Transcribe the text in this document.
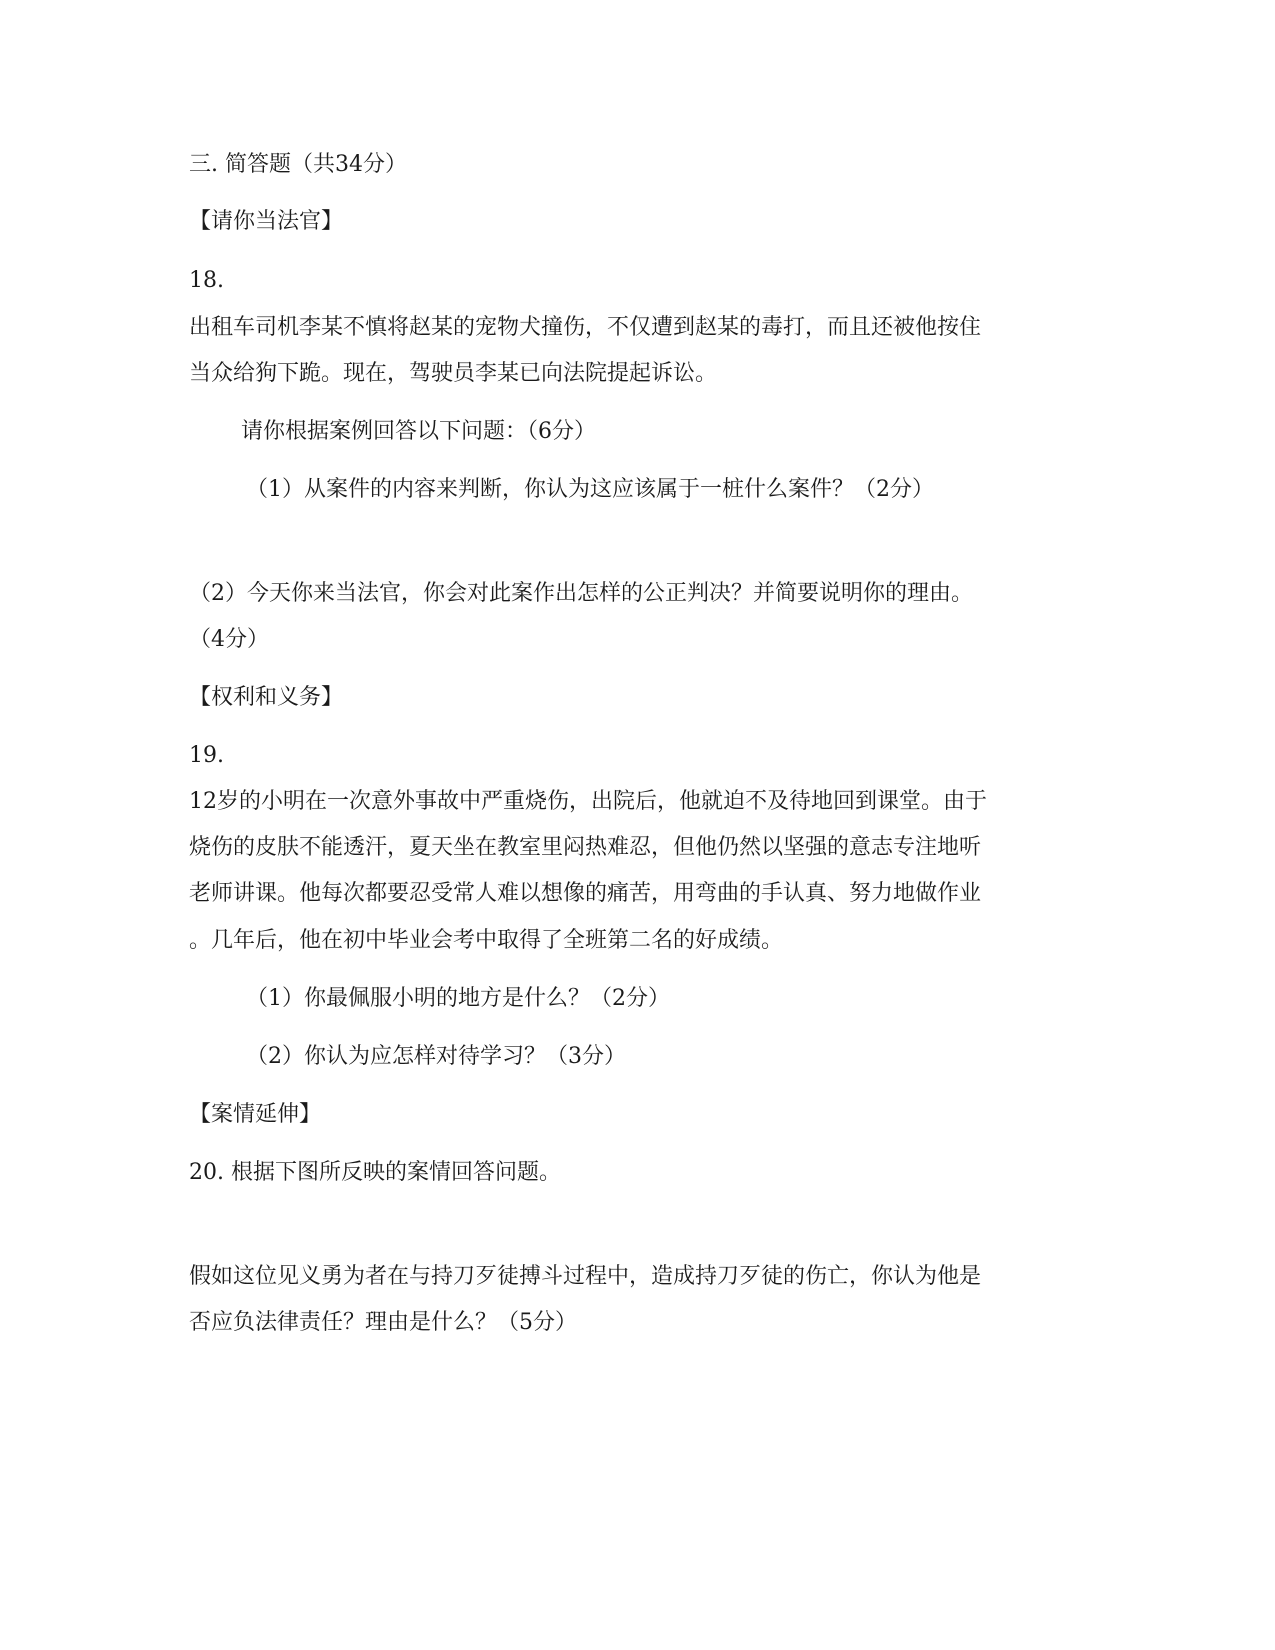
三. 简答题（共34分）
【请你当法官】
18.
出租车司机李某不慎将赵某的宠物犬撞伤，不仅遭到赵某的毒打，而且还被他按住
当众给狗下跪。现在，驾驶员李某已向法院提起诉讼。
请你根据案例回答以下问题：（6分）
（1）从案件的内容来判断，你认为这应该属于一桩什么案件？（2分）
（2）今天你来当法官，你会对此案作出怎样的公正判决？并简要说明你的理由。
（4分）
【权利和义务】
19.
12岁的小明在一次意外事故中严重烧伤，出院后，他就迫不及待地回到课堂。由于
烧伤的皮肤不能透汗，夏天坐在教室里闷热难忍，但他仍然以坚强的意志专注地听
老师讲课。他每次都要忍受常人难以想像的痛苦，用弯曲的手认真、努力地做作业
。几年后，他在初中毕业会考中取得了全班第二名的好成绩。
（1）你最佩服小明的地方是什么？（2分）
（2）你认为应怎样对待学习？（3分）
【案情延伸】
20. 根据下图所反映的案情回答问题。
假如这位见义勇为者在与持刀歹徒搏斗过程中，造成持刀歹徒的伤亡，你认为他是
否应负法律责任？理由是什么？（5分）
